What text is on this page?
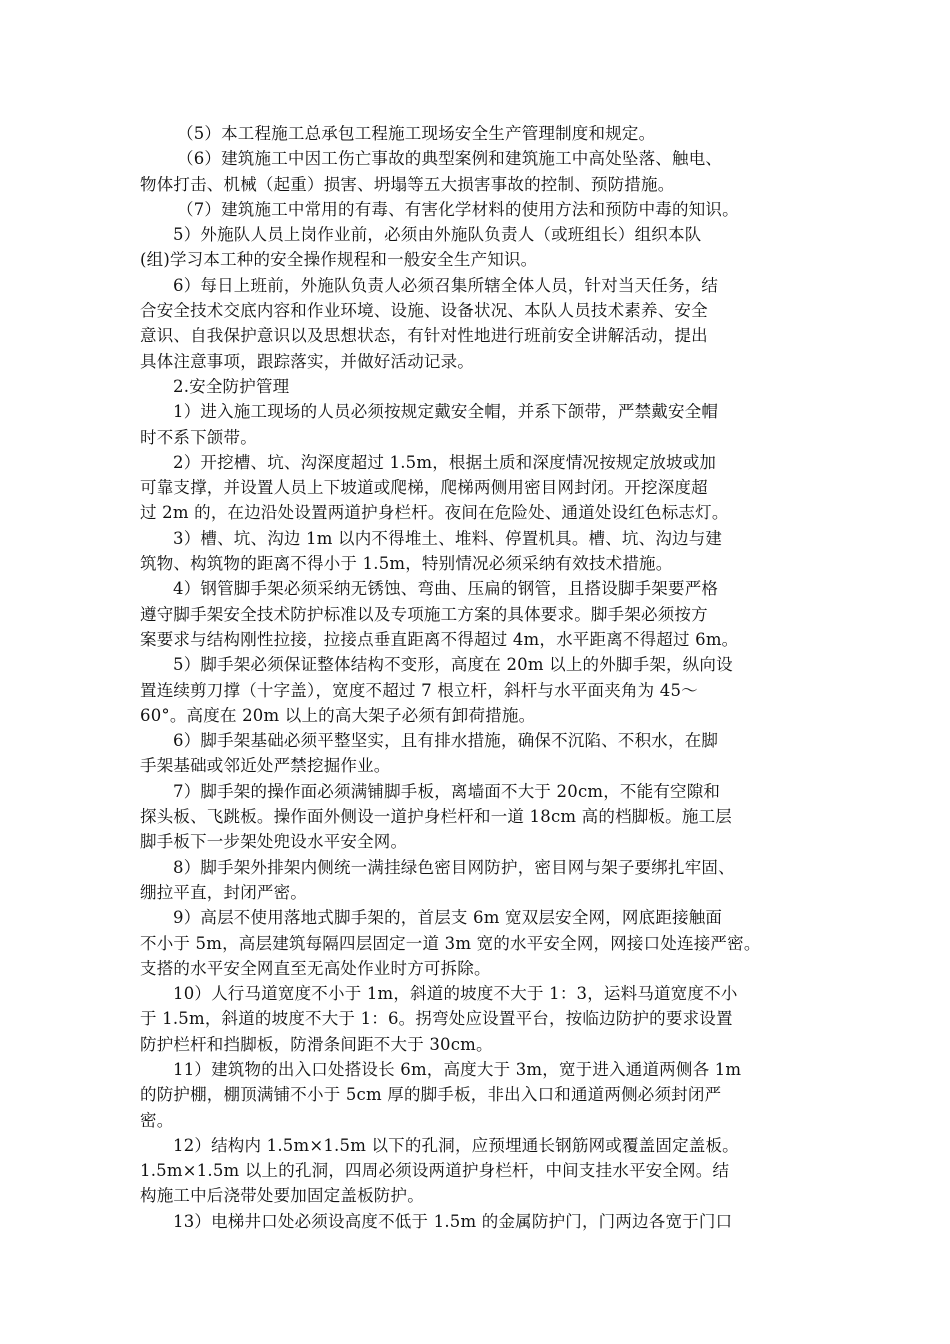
（5）本工程施工总承包工程施工现场安全生产管理制度和规定。
（6）建筑施工中因工伤亡事故的典型案例和建筑施工中高处坠落、触电、
物体打击、机械（起重）损害、坍塌等五大损害事故的控制、预防措施。
（7）建筑施工中常用的有毒、有害化学材料的使用方法和预防中毒的知识。
5）外施队人员上岗作业前，必须由外施队负责人（或班组长）组织本队
(组)学习本工种的安全操作规程和一般安全生产知识。
6）每日上班前，外施队负责人必须召集所辖全体人员，针对当天任务，结
合安全技术交底内容和作业环境、设施、设备状况、本队人员技术素养、安全
意识、自我保护意识以及思想状态，有针对性地进行班前安全讲解活动，提出
具体注意事项，跟踪落实，并做好活动记录。
2.安全防护管理
1）进入施工现场的人员必须按规定戴安全帽，并系下颌带，严禁戴安全帽
时不系下颌带。
2）开挖槽、坑、沟深度超过 1.5m，根据土质和深度情况按规定放坡或加
可靠支撑，并设置人员上下坡道或爬梯，爬梯两侧用密目网封闭。开挖深度超
过 2m 的，在边沿处设置两道护身栏杆。夜间在危险处、通道处设红色标志灯。
3）槽、坑、沟边 1m 以内不得堆土、堆料、停置机具。槽、坑、沟边与建
筑物、构筑物的距离不得小于 1.5m，特别情况必须采纳有效技术措施。
4）钢管脚手架必须采纳无锈蚀、弯曲、压扁的钢管，且搭设脚手架要严格
遵守脚手架安全技术防护标准以及专项施工方案的具体要求。脚手架必须按方
案要求与结构刚性拉接，拉接点垂直距离不得超过 4m，水平距离不得超过 6m。
5）脚手架必须保证整体结构不变形，高度在 20m 以上的外脚手架，纵向设
置连续剪刀撑（十字盖），宽度不超过 7 根立杆，斜杆与水平面夹角为 45～
60°。高度在 20m 以上的高大架子必须有卸荷措施。
6）脚手架基础必须平整坚实，且有排水措施，确保不沉陷、不积水，在脚
手架基础或邻近处严禁挖掘作业。
7）脚手架的操作面必须满铺脚手板，离墙面不大于 20cm，不能有空隙和
探头板、飞跳板。操作面外侧设一道护身栏杆和一道 18cm 高的档脚板。施工层
脚手板下一步架处兜设水平安全网。
8）脚手架外排架内侧统一满挂绿色密目网防护，密目网与架子要绑扎牢固、
绷拉平直，封闭严密。
9）高层不使用落地式脚手架的，首层支 6m 宽双层安全网，网底距接触面
不小于 5m，高层建筑每隔四层固定一道 3m 宽的水平安全网，网接口处连接严密。
支搭的水平安全网直至无高处作业时方可拆除。
10）人行马道宽度不小于 1m，斜道的坡度不大于 1：3，运料马道宽度不小
于 1.5m，斜道的坡度不大于 1：6。拐弯处应设置平台，按临边防护的要求设置
防护栏杆和挡脚板，防滑条间距不大于 30cm。
11）建筑物的出入口处搭设长 6m，高度大于 3m，宽于进入通道两侧各 1m
的防护棚，棚顶满铺不小于 5cm 厚的脚手板，非出入口和通道两侧必须封闭严
密。
12）结构内 1.5m×1.5m 以下的孔洞，应预埋通长钢筋网或覆盖固定盖板。
1.5m×1.5m 以上的孔洞，四周必须设两道护身栏杆，中间支挂水平安全网。结
构施工中后浇带处要加固定盖板防护。
13）电梯井口处必须设高度不低于 1.5m 的金属防护门，门两边各宽于门口
